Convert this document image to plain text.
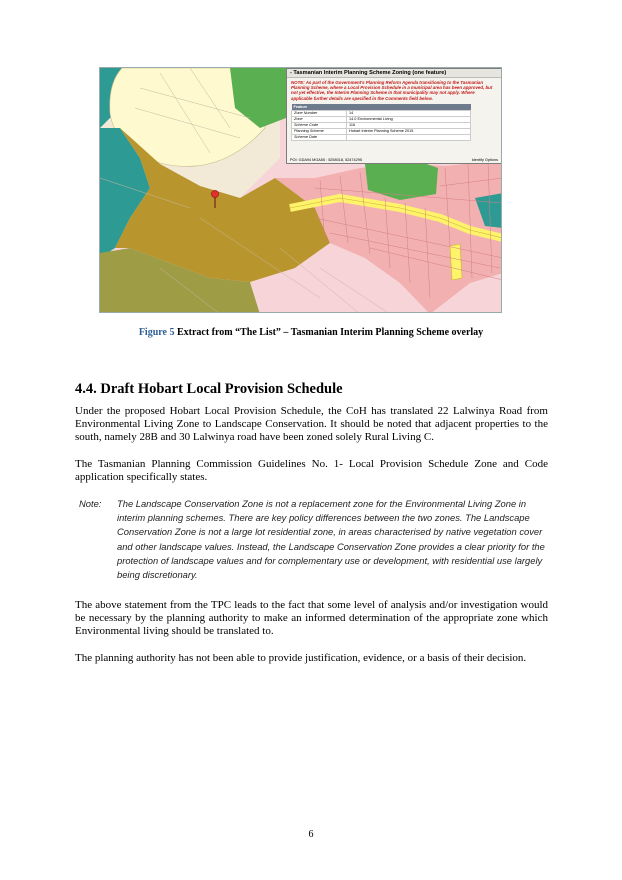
- Tasmanian Interim Planning Scheme Zoning (one feature)
NOTE: As part of the Government's Planning Reform Agenda transitioning to the Tasmanian Planning Scheme, where a Local Provision Schedule in a municipal area has been approved, but not yet effective, the Interim Planning Scheme in that municipality may not apply. Where applicable further details are specified in the Comments field below.
Feature	
Zone Number	14
Zone	14.0 Environmental Living
Scheme Code	116
Planning Scheme	Hobart Interim Planning Scheme 2015
Scheme Date	
POI: GDA94 MGA55 : 5258018, 52474295	Identify Options
Figure 5 Extract from “The List” – Tasmanian Interim Planning Scheme overlay
4.4. Draft Hobart Local Provision Schedule

Under the proposed Hobart Local Provision Schedule, the CoH has translated 22 Lalwinya Road from Environmental Living Zone to Landscape Conservation. It should be noted that adjacent properties to the south, namely 28B and 30 Lalwinya road have been zoned solely Rural Living C.

The Tasmanian Planning Commission Guidelines No. 1- Local Provision Schedule Zone and Code application specifically states.

Note:	The Landscape Conservation Zone is not a replacement zone for the Environmental Living Zone in interim planning schemes. There are key policy differences between the two zones. The Landscape Conservation Zone is not a large lot residential zone, in areas characterised by native vegetation cover and other landscape values. Instead, the Landscape Conservation Zone provides a clear priority for the protection of landscape values and for complementary use or development, with residential use largely being discretionary.

The above statement from the TPC leads to the fact that some level of analysis and/or investigation would be necessary by the planning authority to make an informed determination of the appropriate zone which Environmental living should be translated to.

The planning authority has not been able to provide justification, evidence, or a basis of their decision.

6
